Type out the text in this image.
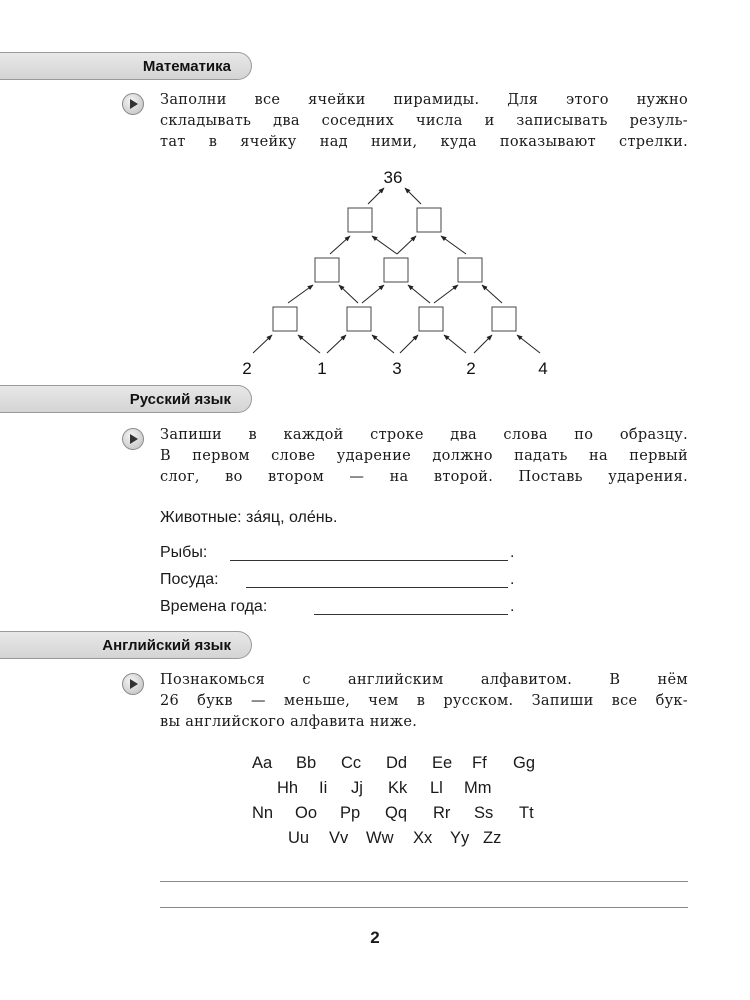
Математика
Заполни все ячейки пирамиды. Для этого нужно
складывать два соседних числа и записывать резуль-
тат в ячейку над ними, куда показывают стрелки.
36
2	1	3	2	4
Русский язык
Запиши в каждой строке два слова по образцу.
В первом слове ударение должно падать на первый
слог, во втором — на второй. Поставь ударения.
Животные: за́яц, оле́нь.
Рыбы:	.
Посуда:	.
Времена года:	.
Английский язык
Познакомься с английским алфавитом. В нём
26 букв — меньше, чем в русском. Запиши все бук-
вы английского алфавита ниже.
Aa Bb Cc Dd Ee Ff Gg
Hh Ii Jj Kk Ll Mm
Nn Oo Pp Qq Rr Ss Tt
Uu Vv Ww Xx Yy Zz
2
